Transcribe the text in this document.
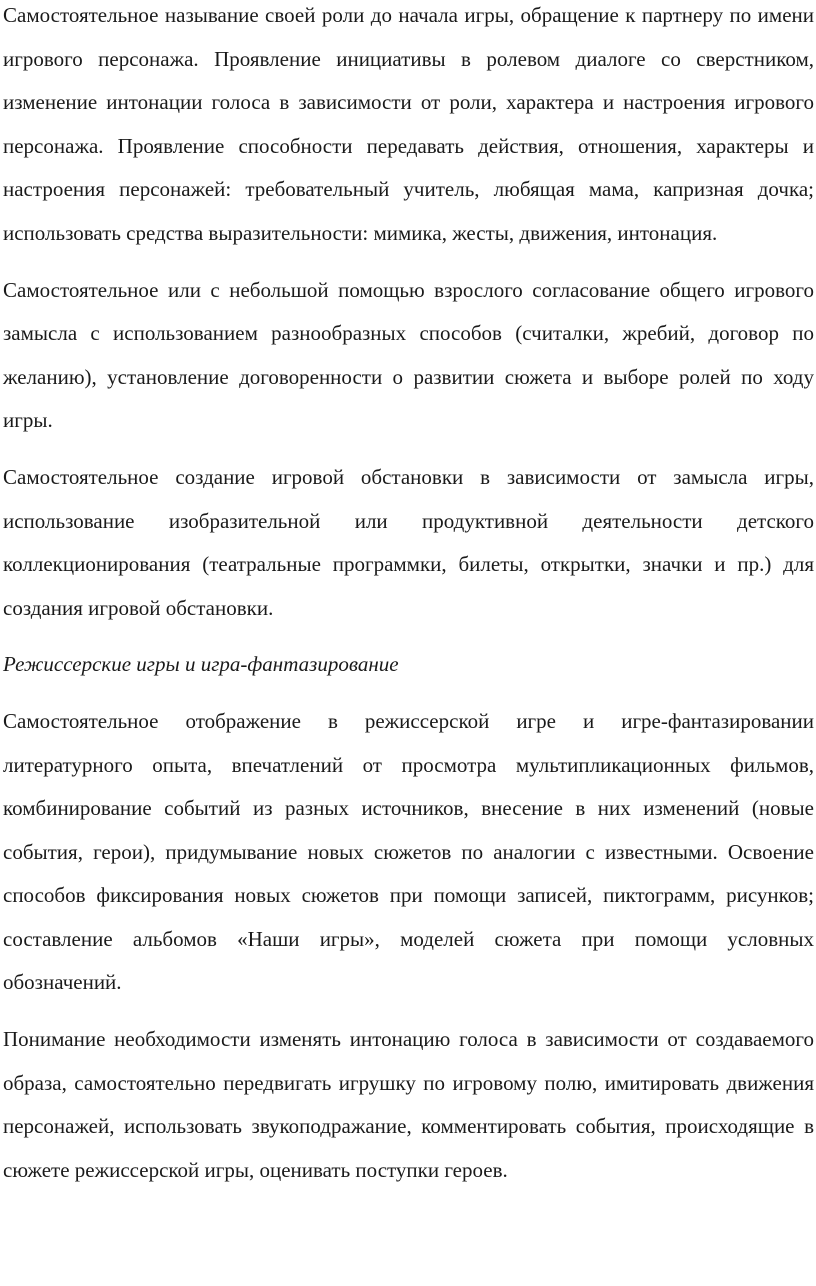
Самостоятельное называние своей роли до начала игры, обращение к партнеру по имени игрового персонажа. Проявление инициативы в ролевом диалоге со сверстником, изменение интонации голоса в зависимости от роли, характера и настроения игрового персонажа. Проявление способности передавать действия, отношения, характеры и настроения персонажей: требовательный учитель, любящая мама, капризная дочка; использовать средства выразительности: мимика, жесты, движения, интонация.

Самостоятельное или с небольшой помощью взрослого согласование общего игрового замысла с использованием разнообразных способов (считалки, жребий, договор по желанию), установление договоренности о развитии сюжета и выборе ролей по ходу игры.

Самостоятельное создание игровой обстановки в зависимости от замысла игры, использование изобразительной или продуктивной деятельности детского коллекционирования (театральные программки, билеты, открытки, значки и пр.) для создания игровой обстановки.

Режиссерские игры и игра-фантазирование

Самостоятельное отображение в режиссерской игре и игре-фантазировании литературного опыта, впечатлений от просмотра мультипликационных фильмов, комбинирование событий из разных источников, внесение в них изменений (новые события, герои), придумывание новых сюжетов по аналогии с известными. Освоение способов фиксирования новых сюжетов при помощи записей, пиктограмм, рисунков; составление альбомов «Наши игры», моделей сюжета при помощи условных обозначений.

Понимание необходимости изменять интонацию голоса в зависимости от создаваемого образа, самостоятельно передвигать игрушку по игровому полю, имитировать движения персонажей, использовать звукоподражание, комментировать события, происходящие в сюжете режиссерской игры, оценивать поступки героев.
